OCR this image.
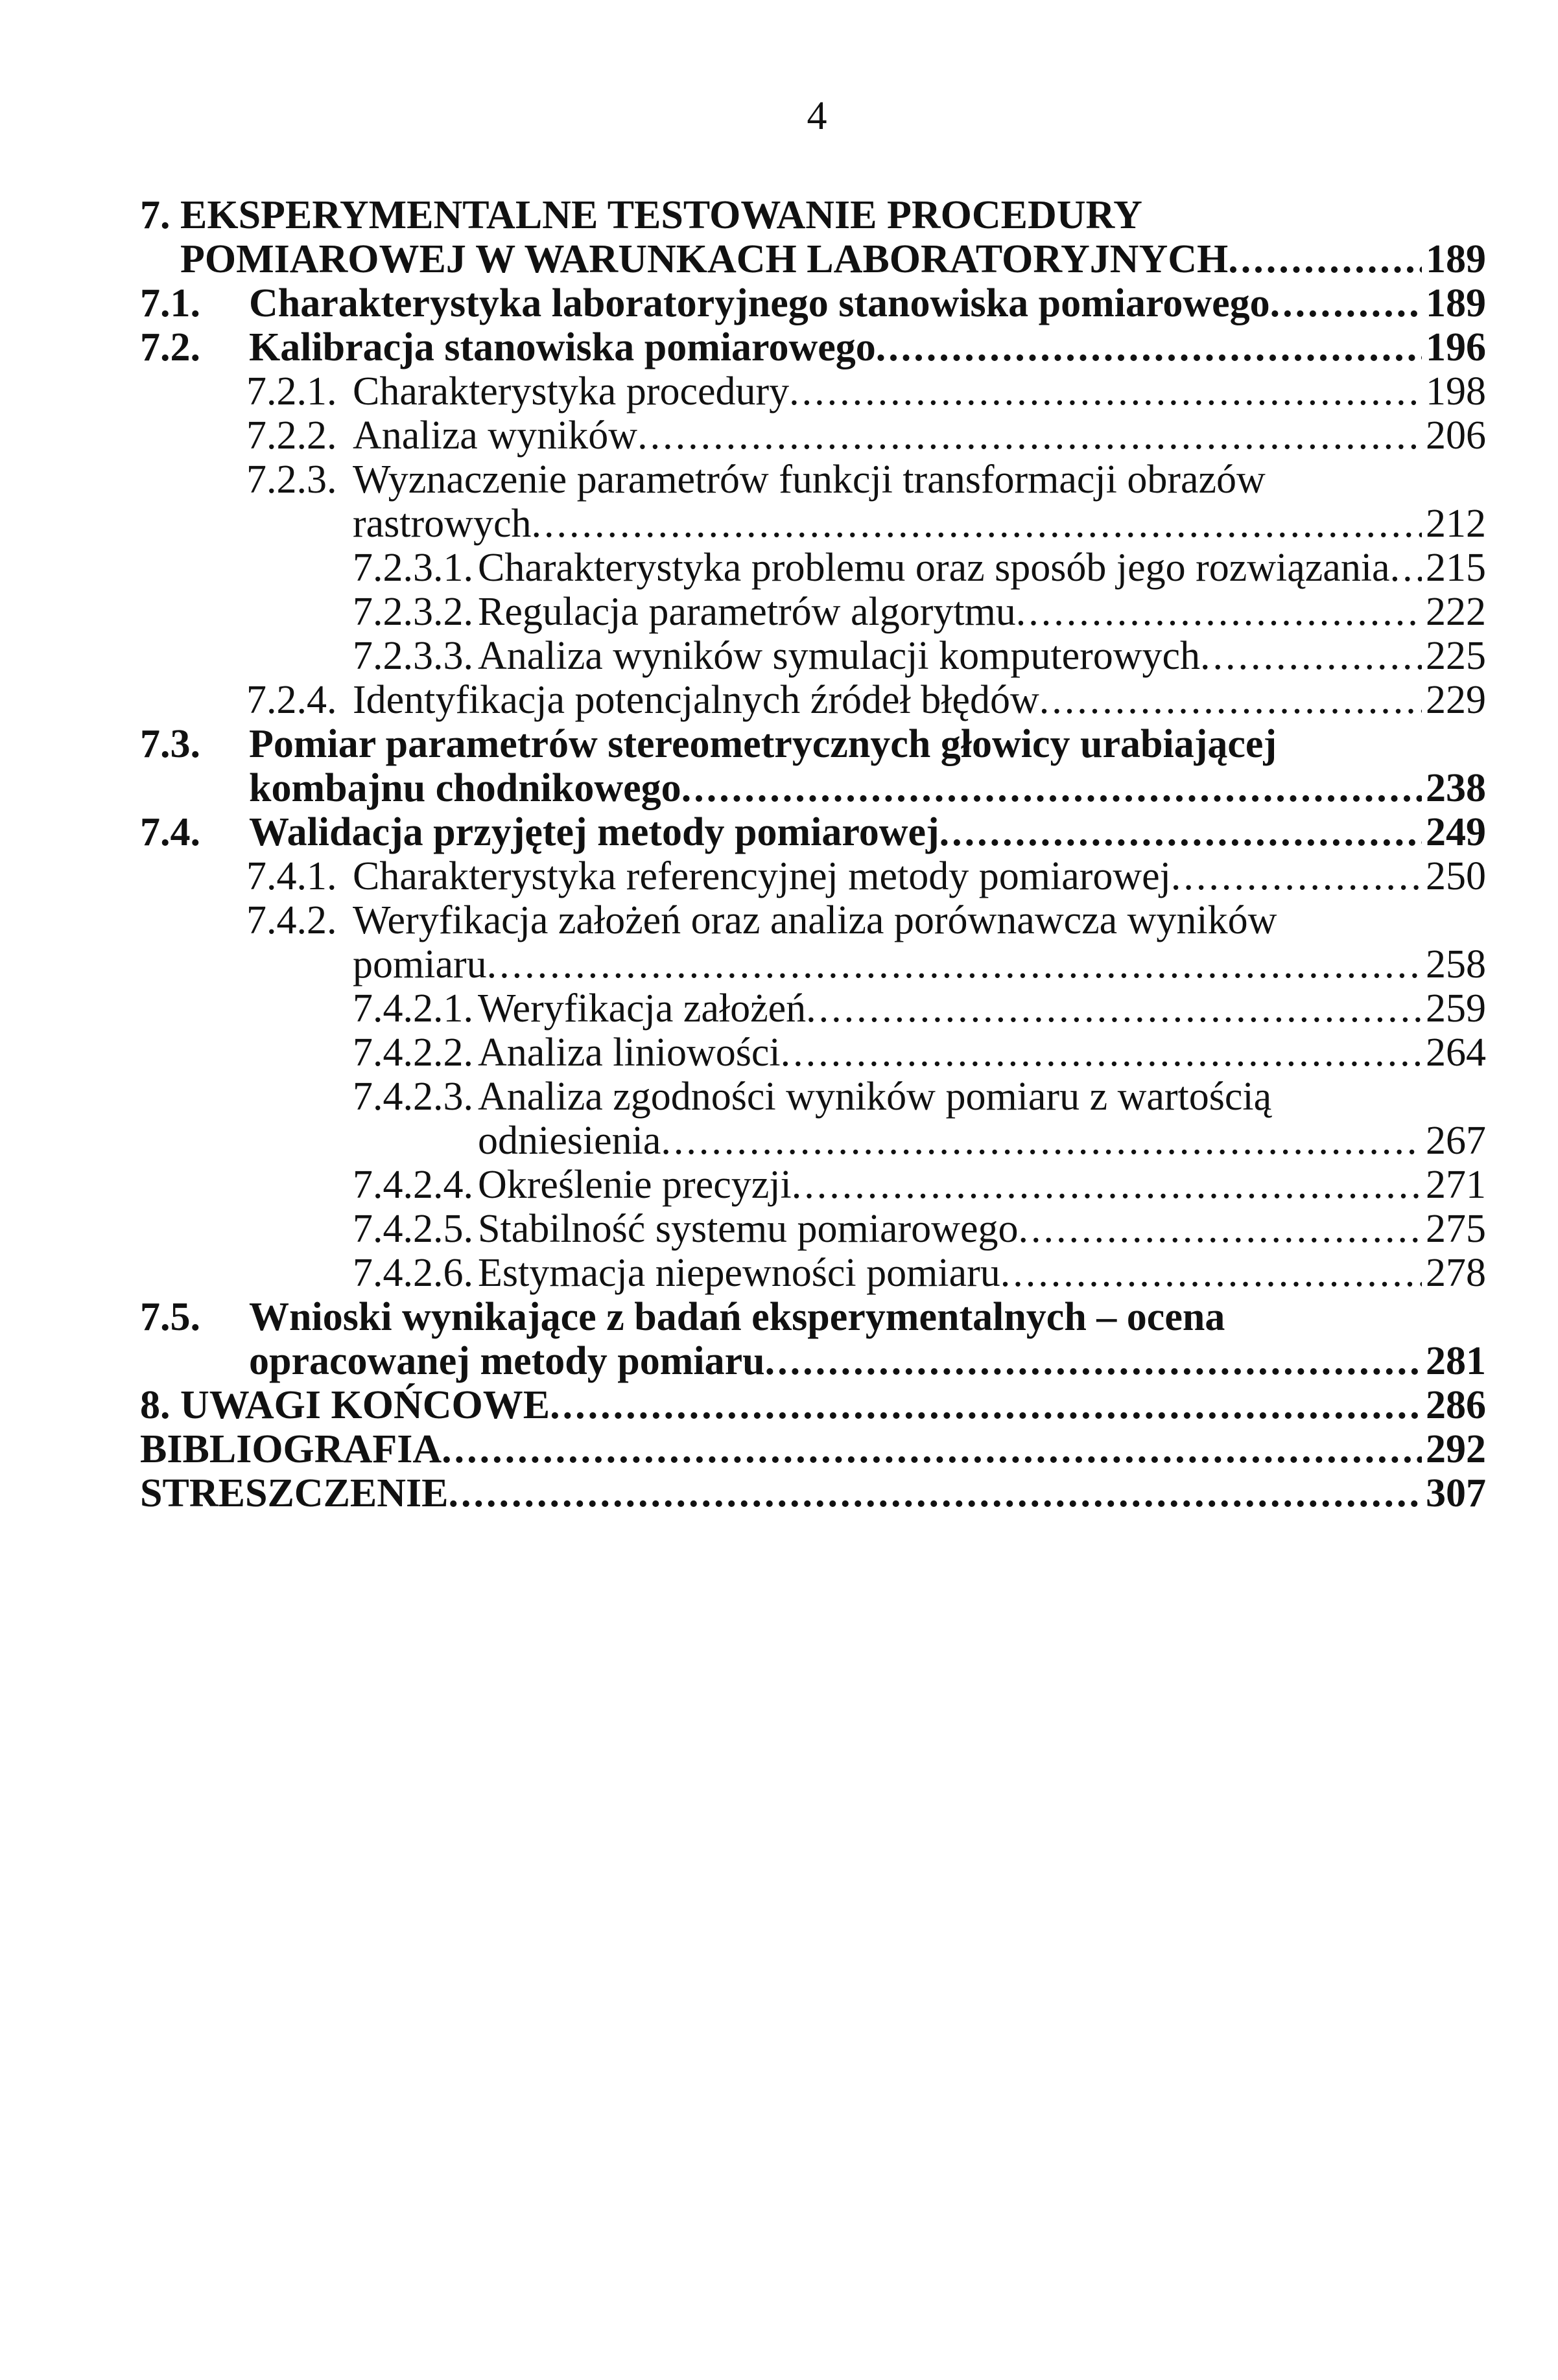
4
7. EKSPERYMENTALNE TESTOWANIE PROCEDURY
POMIAROWEJ W WARUNKACH LABORATORYJNYCH .....	189
7.1. Charakterystyka laboratoryjnego stanowiska pomiarowego .....	189
7.2. Kalibracja stanowiska pomiarowego .....	196
7.2.1. Charakterystyka procedury .....	198
7.2.2. Analiza wyników .....	206
7.2.3. Wyznaczenie parametrów funkcji transformacji obrazów
rastrowych .....	212
7.2.3.1. Charakterystyka problemu oraz sposób jego rozwiązania ..... 215
7.2.3.2. Regulacja parametrów algorytmu .....	222
7.2.3.3. Analiza wyników symulacji komputerowych .....	225
7.2.4. Identyfikacja potencjalnych źródeł błędów .....	229
7.3. Pomiar parametrów stereometrycznych głowicy urabiającej
kombajnu chodnikowego .....	238
7.4. Walidacja przyjętej metody pomiarowej .....	249
7.4.1. Charakterystyka referencyjnej metody pomiarowej .....	250
7.4.2. Weryfikacja założeń oraz analiza porównawcza wyników
pomiaru .....	258
7.4.2.1. Weryfikacja założeń .....	259
7.4.2.2. Analiza liniowości .....	264
7.4.2.3. Analiza zgodności wyników pomiaru z wartością
odniesienia .....	267
7.4.2.4. Określenie precyzji .....	271
7.4.2.5. Stabilność systemu pomiarowego .....	275
7.4.2.6. Estymacja niepewności pomiaru .....	278
7.5. Wnioski wynikające z badań eksperymentalnych – ocena
opracowanej metody pomiaru .....	281
8. UWAGI KOŃCOWE .....	286
BIBLIOGRAFIA .....	292
STRESZCZENIE .....	307
